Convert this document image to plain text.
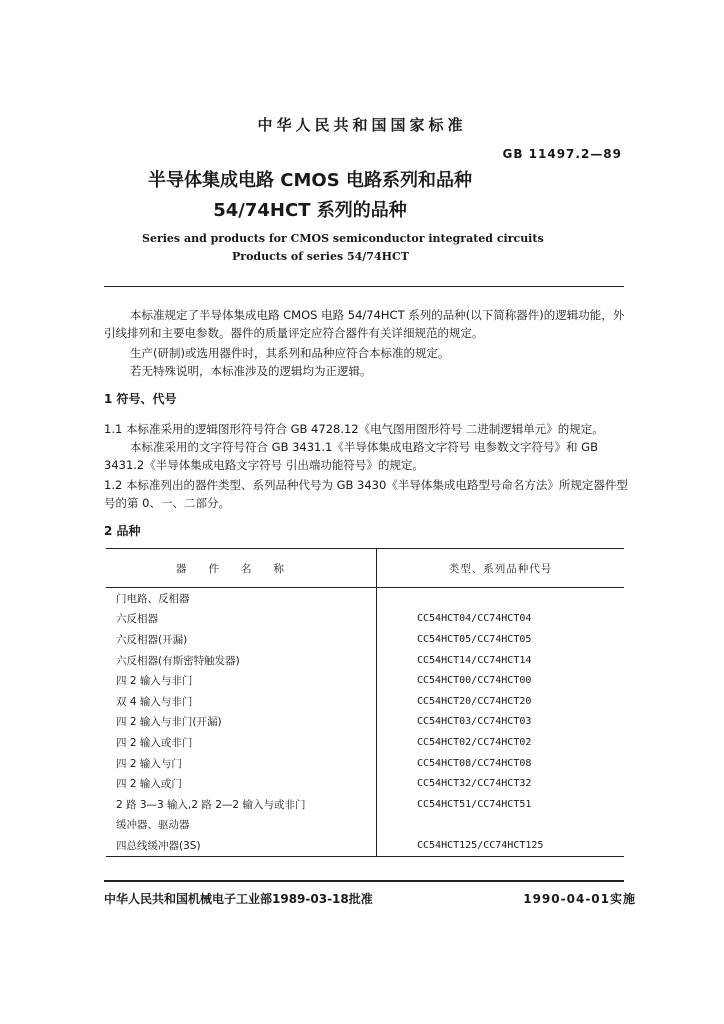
中华人民共和国国家标准
GB 11497.2—89
半导体集成电路 CMOS 电路系列和品种
54/74HCT 系列的品种
Series and products for CMOS semiconductor integrated circuits
Products of series 54/74HCT
本标准规定了半导体集成电路 CMOS 电路 54/74HCT 系列的品种(以下简称器件)的逻辑功能，外
引线排列和主要电参数。器件的质量评定应符合器件有关详细规范的规定。
生产(研制)或选用器件时，其系列和品种应符合本标准的规定。
若无特殊说明，本标准涉及的逻辑均为正逻辑。
1 符号、代号
1.1 本标准采用的逻辑图形符号符合 GB 4728.12《电气图用图形符号 二进制逻辑单元》的规定。
本标准采用的文字符号符合 GB 3431.1《半导体集成电路文字符号 电参数文字符号》和 GB
3431.2《半导体集成电路文字符号 引出端功能符号》的规定。
1.2 本标准列出的器件类型、系列品种代号为 GB 3430《半导体集成电路型号命名方法》所规定器件型
号的第 0、一、二部分。
2 品种
器件名称	类型、系列品种代号
门电路、反相器	
六反相器	CC54HCT04/CC74HCT04
六反相器(开漏)	CC54HCT05/CC74HCT05
六反相器(有斯密特触发器)	CC54HCT14/CC74HCT14
四 2 输入与非门	CC54HCT00/CC74HCT00
双 4 输入与非门	CC54HCT20/CC74HCT20
四 2 输入与非门(开漏)	CC54HCT03/CC74HCT03
四 2 输入或非门	CC54HCT02/CC74HCT02
四 2 输入与门	CC54HCT08/CC74HCT08
四 2 输入或门	CC54HCT32/CC74HCT32
2 路 3—3 输入,2 路 2—2 输入与或非门	CC54HCT51/CC74HCT51
缓冲器、驱动器	
四总线缓冲器(3S)	CC54HCT125/CC74HCT125
中华人民共和国机械电子工业部1989-03-18批准	1990-04-01实施
